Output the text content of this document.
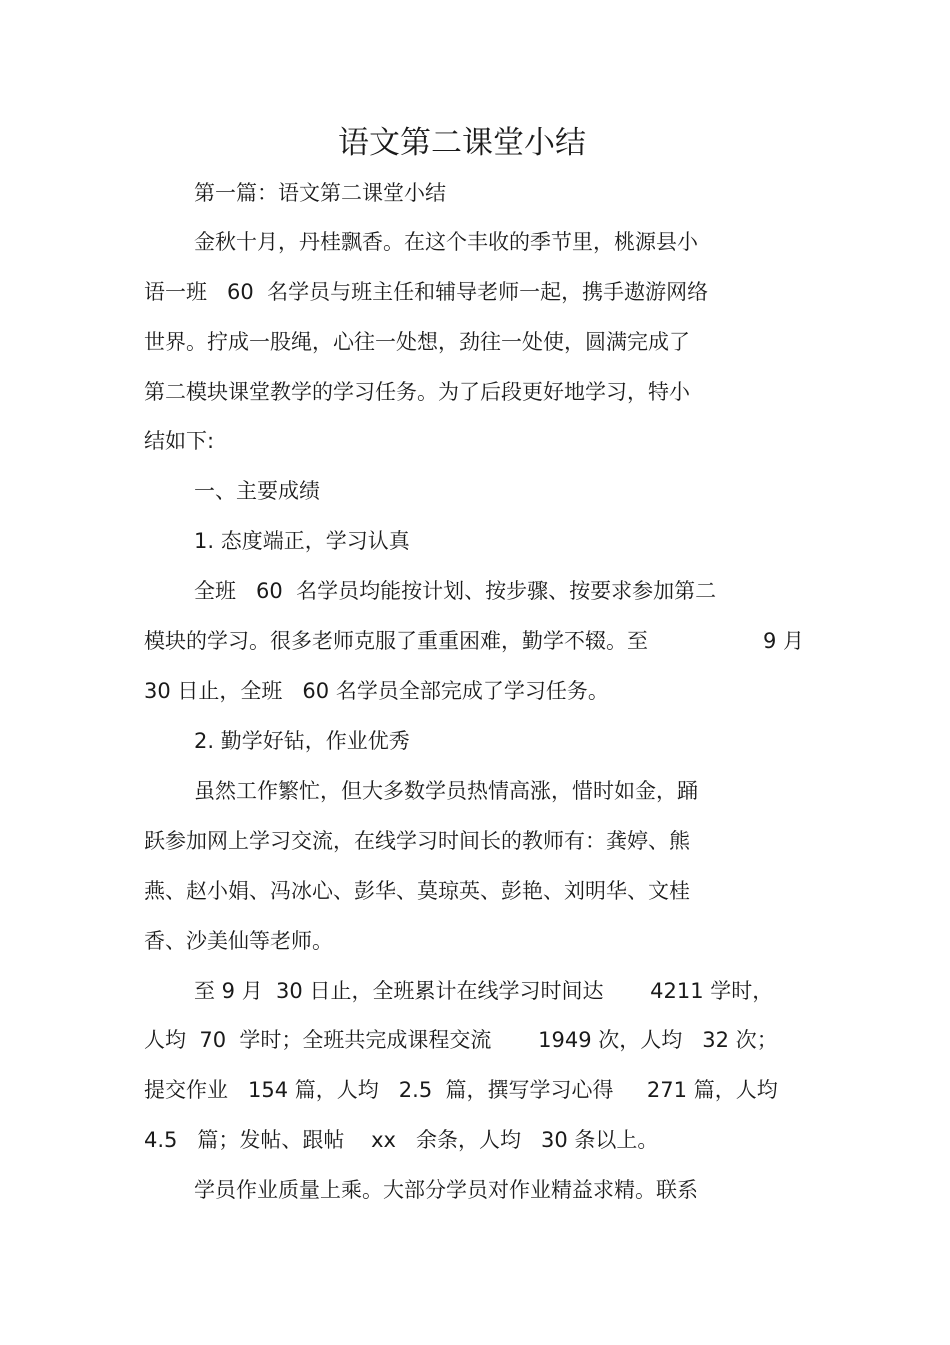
语文第二课堂小结
第一篇：语文第二课堂小结
金秋十月，丹桂飘香。在这个丰收的季节里，桃源县小
语一班   60  名学员与班主任和辅导老师一起，携手遨游网络
世界。拧成一股绳，心往一处想，劲往一处使，圆满完成了
第二模块课堂教学的学习任务。为了后段更好地学习，特小
结如下:
一、主要成绩
1. 态度端正，学习认真
全班   60  名学员均能按计划、按步骤、按要求参加第二
模块的学习。很多老师克服了重重困难，勤学不辍。至	9 月
30 日止，全班   60 名学员全部完成了学习任务。
2. 勤学好钻，作业优秀
虽然工作繁忙，但大多数学员热情高涨，惜时如金，踊
跃参加网上学习交流，在线学习时间长的教师有：龚婷、熊
燕、赵小娟、冯冰心、彭华、莫琼英、彭艳、刘明华、文桂
香、沙美仙等老师。
至 9 月  30 日止，全班累计在线学习时间达       4211 学时，
人均  70  学时；全班共完成课程交流       1949 次，人均   32 次；
提交作业   154 篇，人均   2.5  篇，撰写学习心得     271 篇，人均
4.5   篇；发帖、跟帖    xx   余条，人均   30 条以上。
学员作业质量上乘。大部分学员对作业精益求精。联系
